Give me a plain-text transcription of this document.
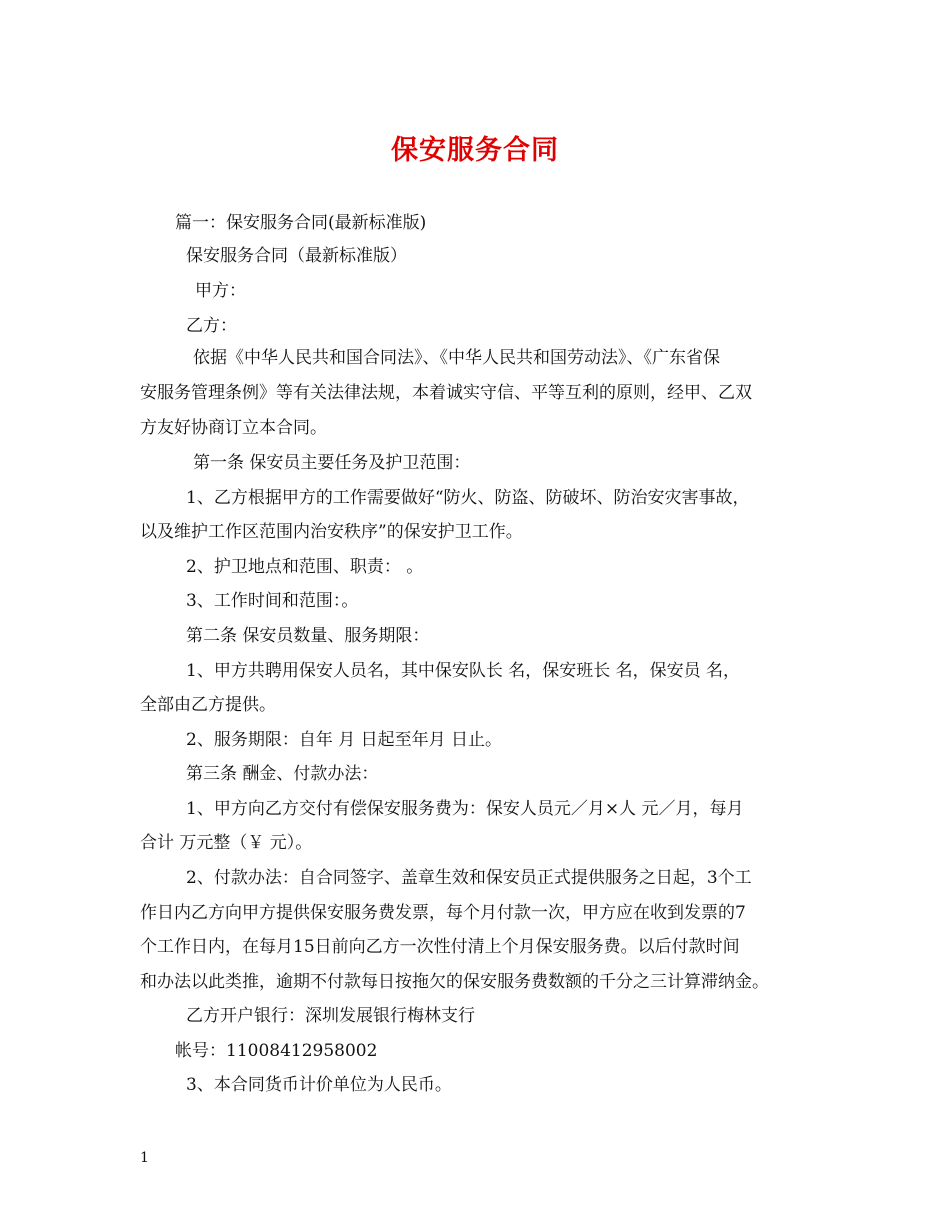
保安服务合同

篇一：保安服务合同(最新标准版)

保安服务合同（最新标准版）

甲方：

乙方：

依据《中华人民共和国合同法》、《中华人民共和国劳动法》、《广东省保

安服务管理条例》等有关法律法规，本着诚实守信、平等互利的原则，经甲、乙双

方友好协商订立本合同。

第一条 保安员主要任务及护卫范围：

1、乙方根据甲方的工作需要做好“防火、防盗、防破坏、防治安灾害事故，

以及维护工作区范围内治安秩序”的保安护卫工作。

2、护卫地点和范围、职责： 。

3、工作时间和范围：。

第二条 保安员数量、服务期限：

1、甲方共聘用保安人员名，其中保安队长 名，保安班长 名，保安员 名，

全部由乙方提供。

2、服务期限：自年 月 日起至年月 日止。

第三条 酬金、付款办法：

1、甲方向乙方交付有偿保安服务费为：保安人员元／月×人 元／月，每月

合计 万元整（￥ 元）。

2、付款办法：自合同签字、盖章生效和保安员正式提供服务之日起，3个工

作日内乙方向甲方提供保安服务费发票，每个月付款一次，甲方应在收到发票的7

个工作日内，在每月15日前向乙方一次性付清上个月保安服务费。以后付款时间

和办法以此类推，逾期不付款每日按拖欠的保安服务费数额的千分之三计算滞纳金。

乙方开户银行：深圳发展银行梅林支行

帐号：11008412958002

3、本合同货币计价单位为人民币。

1
